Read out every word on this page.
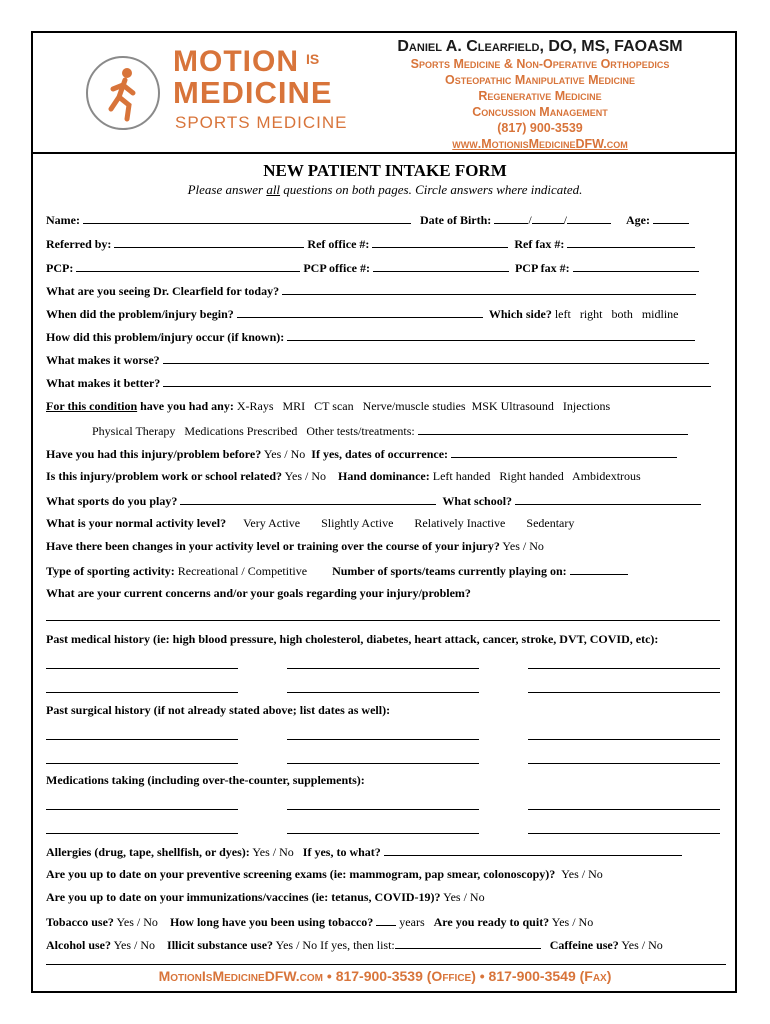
MOTION IS
MEDICINE
SPORTS MEDICINE
Daniel A. Clearfield, DO, MS, FAOASM
Sports Medicine & Non-Operative Orthopedics
Osteopathic Manipulative Medicine
Regenerative Medicine
Concussion Management
(817) 900-3539
www.MotionisMedicineDFW.com
NEW PATIENT INTAKE FORM
Please answer all questions on both pages. Circle answers where indicated.
Name:	Date of Birth:	/	/	Age:
Referred by:	Ref office #:	Ref fax #:
PCP:	PCP office #:	PCP fax #:
What are you seeing Dr. Clearfield for today?
When did the problem/injury begin?	Which side? left   right   both   midline
How did this problem/injury occur (if known):
What makes it worse?
What makes it better?
For this condition have you had any: X-Rays   MRI   CT scan   Nerve/muscle studies  MSK Ultrasound   Injections
Physical Therapy   Medications Prescribed   Other tests/treatments:
Have you had this injury/problem before? Yes / No If yes, dates of occurrence:
Is this injury/problem work or school related? Yes / No Hand dominance: Left handed   Right handed   Ambidextrous
What sports do you play?	What school?
What is your normal activity level? Very Active Slightly Active Relatively Inactive Sedentary
Have there been changes in your activity level or training over the course of your injury? Yes / No
Type of sporting activity: Recreational / Competitive Number of sports/teams currently playing on:
What are your current concerns and/or your goals regarding your injury/problem?
Past medical history (ie: high blood pressure, high cholesterol, diabetes, heart attack, cancer, stroke, DVT, COVID, etc):
Past surgical history (if not already stated above; list dates as well):
Medications taking (including over-the-counter, supplements):
Allergies (drug, tape, shellfish, or dyes): Yes / No If yes, to what?
Are you up to date on your preventive screening exams (ie: mammogram, pap smear, colonoscopy)? Yes / No
Are you up to date on your immunizations/vaccines (ie: tetanus, COVID-19)? Yes / No
Tobacco use? Yes / No How long have you been using tobacco? years Are you ready to quit? Yes / No
Alcohol use? Yes / No Illicit substance use? Yes / No If yes, then list:	Caffeine use? Yes / No
MotionIsMedicineDFW.com • 817-900-3539 (Office) • 817-900-3549 (Fax)
